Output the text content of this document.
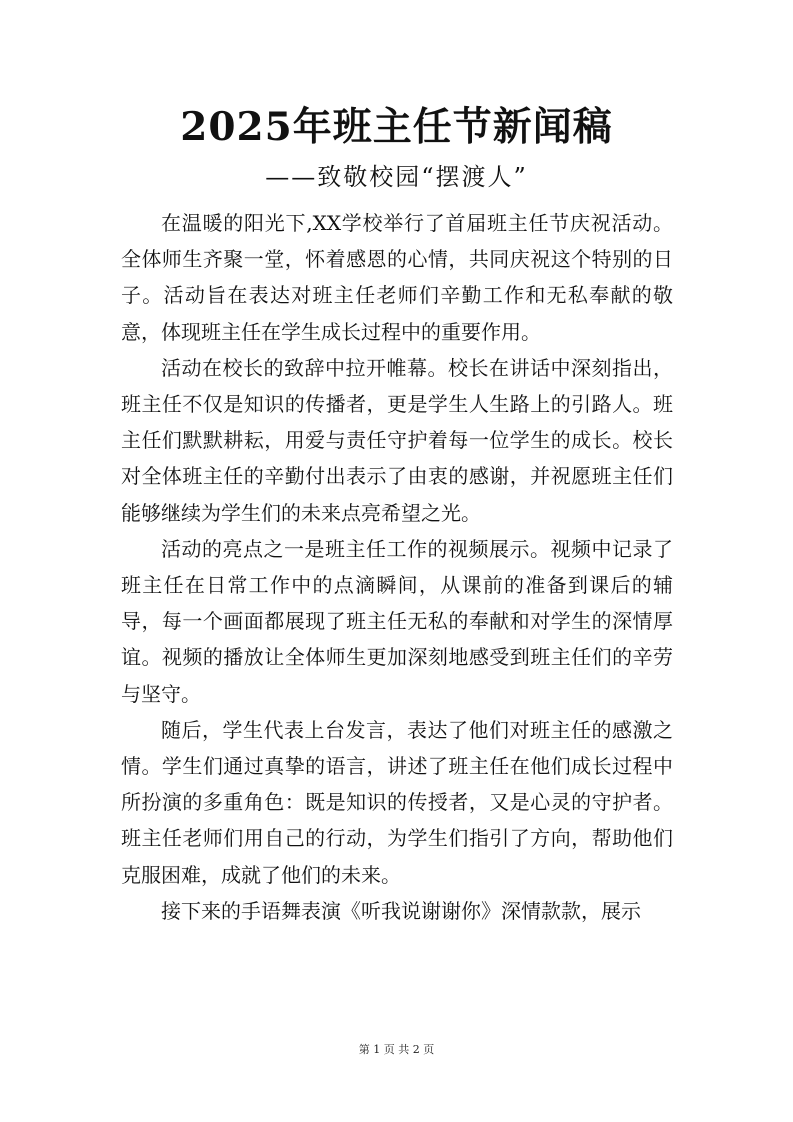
2025年班主任节新闻稿
——致敬校园“摆渡人”

在温暖的阳光下,XX学校举行了首届班主任节庆祝活动。全体师生齐聚一堂，怀着感恩的心情，共同庆祝这个特别的日子。活动旨在表达对班主任老师们辛勤工作和无私奉献的敬意，体现班主任在学生成长过程中的重要作用。

活动在校长的致辞中拉开帷幕。校长在讲话中深刻指出，班主任不仅是知识的传播者，更是学生人生路上的引路人。班主任们默默耕耘，用爱与责任守护着每一位学生的成长。校长对全体班主任的辛勤付出表示了由衷的感谢，并祝愿班主任们能够继续为学生们的未来点亮希望之光。

活动的亮点之一是班主任工作的视频展示。视频中记录了班主任在日常工作中的点滴瞬间，从课前的准备到课后的辅导，每一个画面都展现了班主任无私的奉献和对学生的深情厚谊。视频的播放让全体师生更加深刻地感受到班主任们的辛劳与坚守。

随后，学生代表上台发言，表达了他们对班主任的感激之情。学生们通过真挚的语言，讲述了班主任在他们成长过程中所扮演的多重角色：既是知识的传授者，又是心灵的守护者。班主任老师们用自己的行动，为学生们指引了方向，帮助他们克服困难，成就了他们的未来。

接下来的手语舞表演《听我说谢谢你》深情款款，展示

第 1 页 共 2 页
